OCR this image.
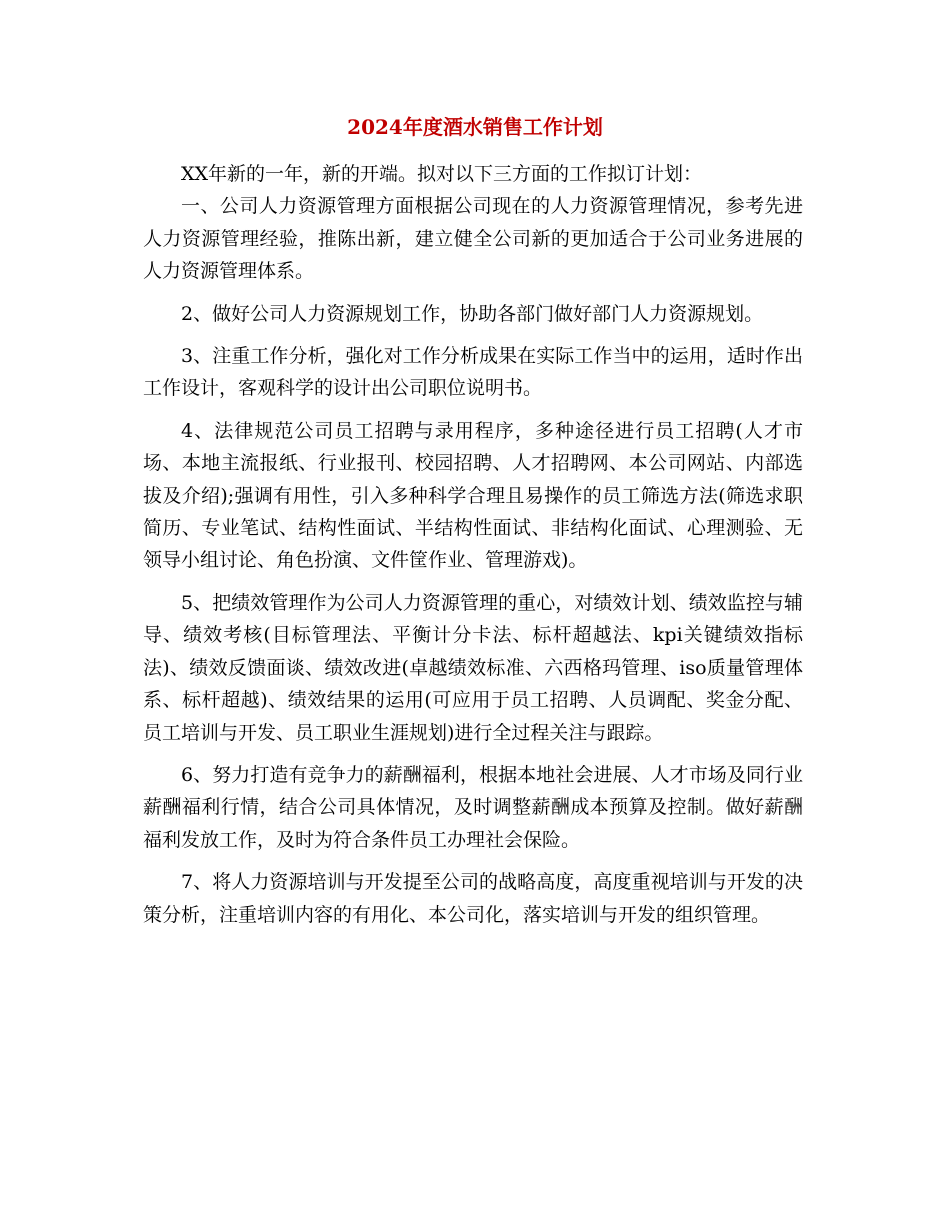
2024年度酒水销售工作计划

XX年新的一年，新的开端。拟对以下三方面的工作拟订计划：

一、公司人力资源管理方面根据公司现在的人力资源管理情况，参考先进人力资源管理经验，推陈出新，建立健全公司新的更加适合于公司业务进展的人力资源管理体系。

2、做好公司人力资源规划工作，协助各部门做好部门人力资源规划。

3、注重工作分析，强化对工作分析成果在实际工作当中的运用，适时作出工作设计，客观科学的设计出公司职位说明书。

4、法律规范公司员工招聘与录用程序，多种途径进行员工招聘(人才市场、本地主流报纸、行业报刊、校园招聘、人才招聘网、本公司网站、内部选拔及介绍);强调有用性，引入多种科学合理且易操作的员工筛选方法(筛选求职简历、专业笔试、结构性面试、半结构性面试、非结构化面试、心理测验、无领导小组讨论、角色扮演、文件筐作业、管理游戏)。

5、把绩效管理作为公司人力资源管理的重心，对绩效计划、绩效监控与辅导、绩效考核(目标管理法、平衡计分卡法、标杆超越法、kpi关键绩效指标法)、绩效反馈面谈、绩效改进(卓越绩效标准、六西格玛管理、iso质量管理体系、标杆超越)、绩效结果的运用(可应用于员工招聘、人员调配、奖金分配、员工培训与开发、员工职业生涯规划)进行全过程关注与跟踪。

6、努力打造有竞争力的薪酬福利，根据本地社会进展、人才市场及同行业薪酬福利行情，结合公司具体情况，及时调整薪酬成本预算及控制。做好薪酬福利发放工作，及时为符合条件员工办理社会保险。

7、将人力资源培训与开发提至公司的战略高度，高度重视培训与开发的决策分析，注重培训内容的有用化、本公司化，落实培训与开发的组织管理。
